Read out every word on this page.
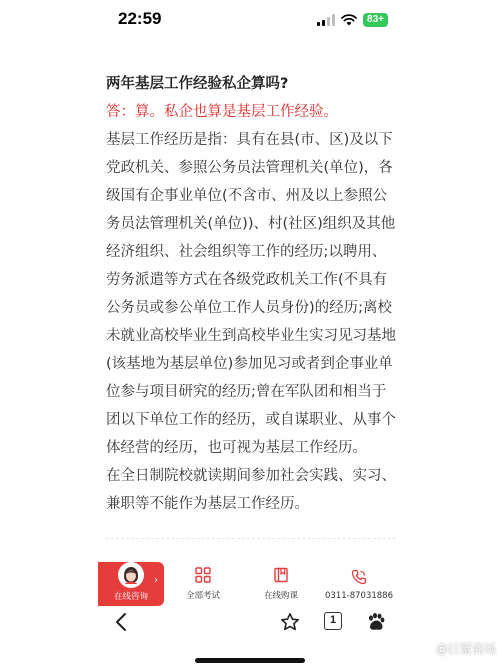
22:59	83+

两年基层工作经验私企算吗?

答：算。私企也算是基层工作经验。

基层工作经历是指：具有在县(市、区)及以下党政机关、参照公务员法管理机关(单位)，各级国有企事业单位(不含市、州及以上参照公务员法管理机关(单位))、村(社区)组织及其他经济组织、社会组织等工作的经历;以聘用、劳务派遣等方式在各级党政机关工作(不具有公务员或参公单位工作人员身份)的经历;离校未就业高校毕业生到高校毕业生实习见习基地(该基地为基层单位)参加见习或者到企事业单位参与项目研究的经历;曾在军队团和相当于团以下单位工作的经历，或自谋职业、从事个体经营的经历，也可视为基层工作经历。

在全日制院校就读期间参加社会实践、实习、兼职等不能作为基层工作经历。

在线咨询
›
全部考试	在线购课	0311-87031886
1
@巨蟹商场
